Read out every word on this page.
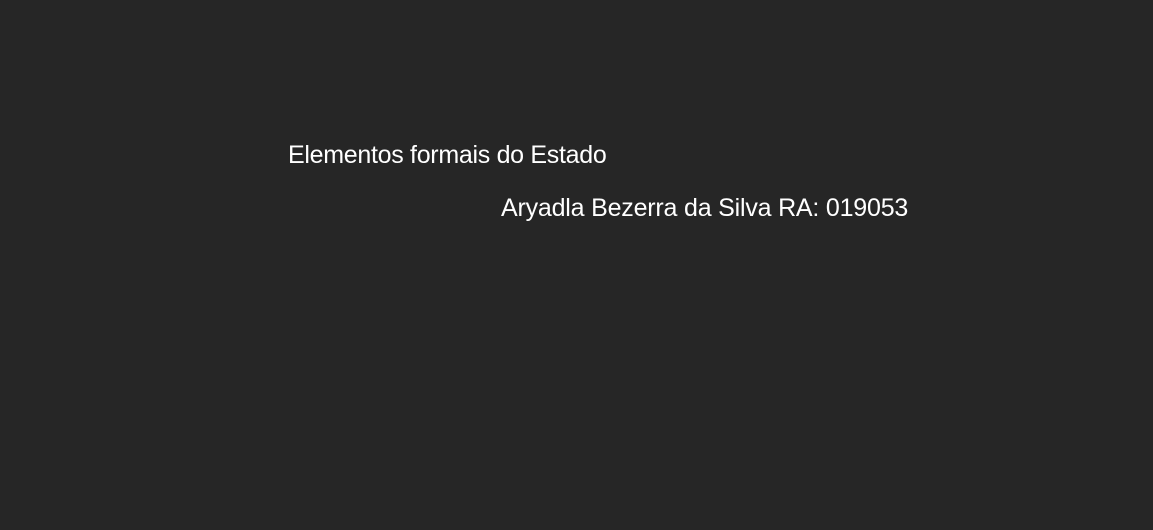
Elementos formais do Estado
Aryadla Bezerra da Silva RA: 019053
